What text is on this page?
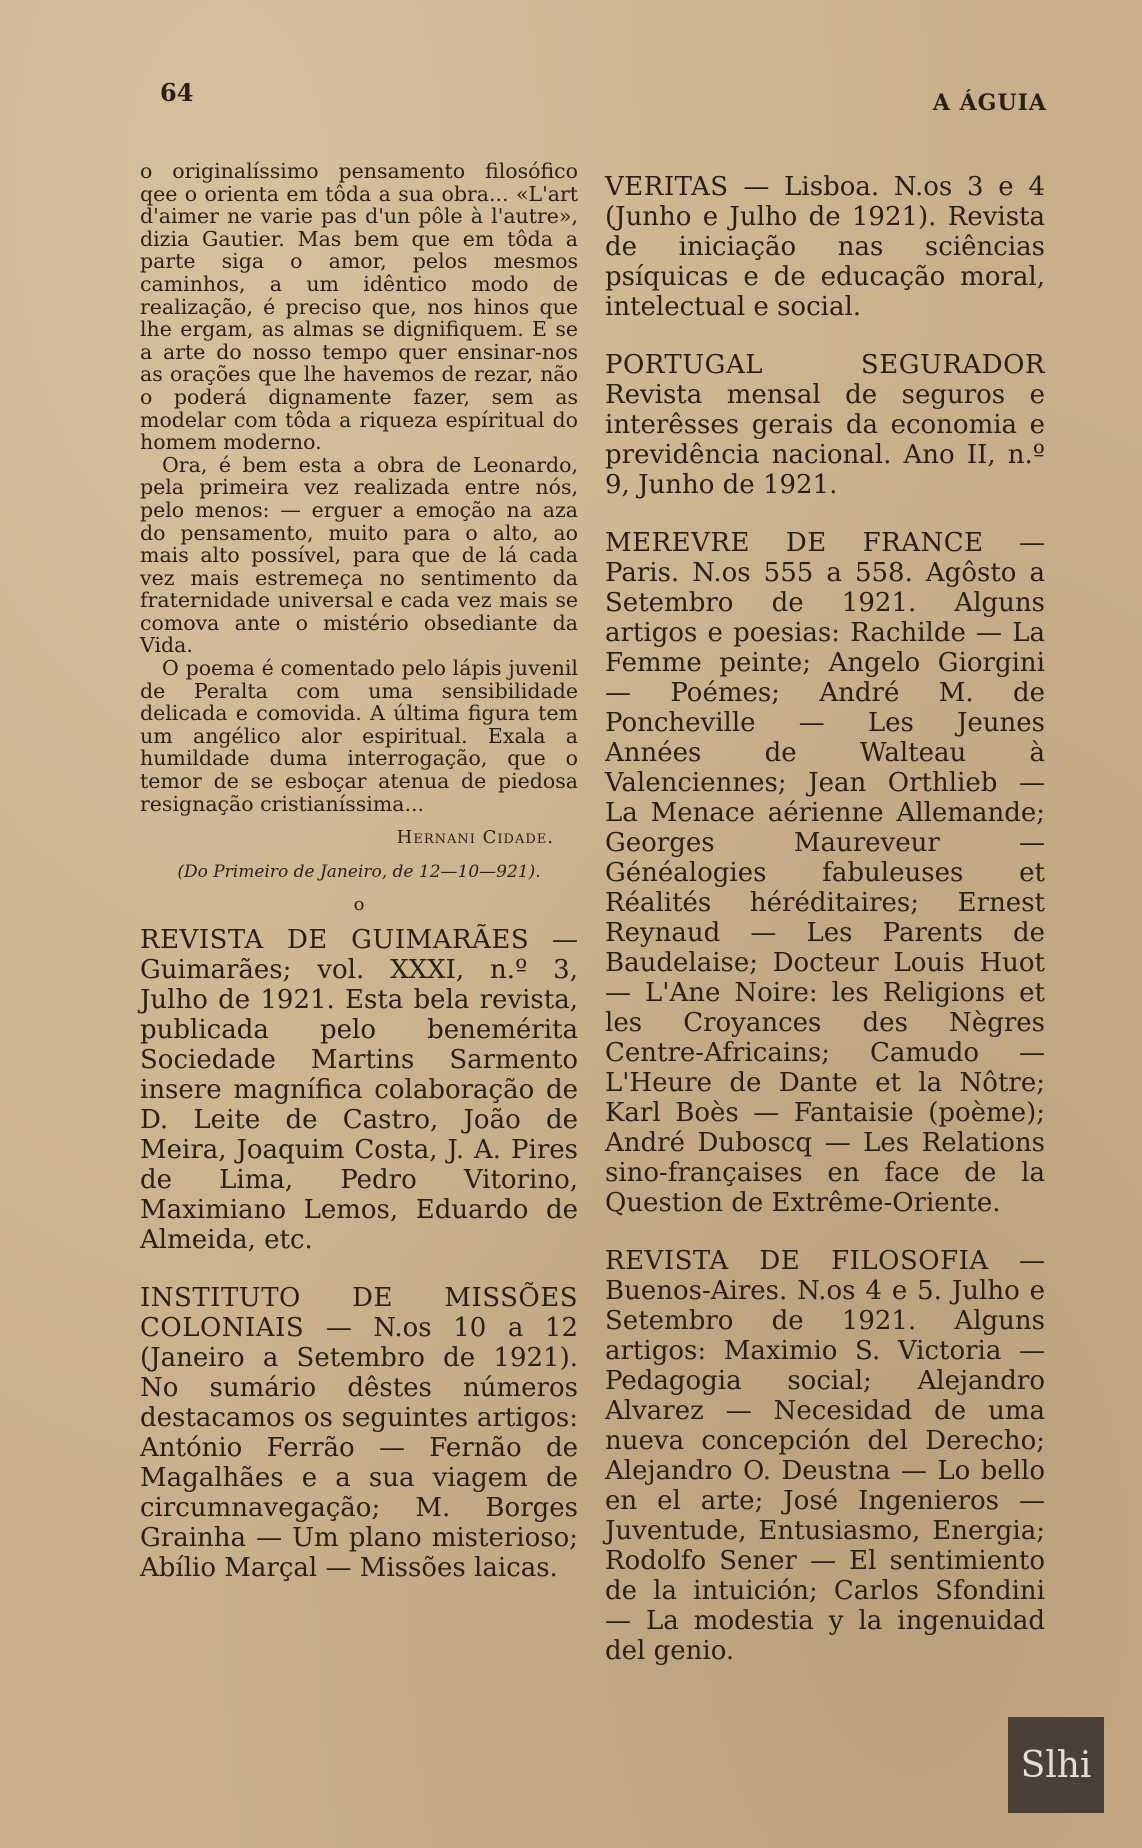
64	A ÁGUIA

o originalíssimo pensamento filosófico qee o orienta em tôda a sua obra... «L'art d'aimer ne varie pas d'un pôle à l'autre», dizia Gautier. Mas bem que em tôda a parte siga o amor, pelos mesmos caminhos, a um idêntico modo de realização, é preciso que, nos hinos que lhe ergam, as almas se dignifiquem. E se a arte do nosso tempo quer ensinar-nos as orações que lhe havemos de rezar, não o poderá dignamente fazer, sem as modelar com tôda a riqueza espíritual do homem moderno.

Ora, é bem esta a obra de Leonardo, pela primeira vez realizada entre nós, pelo menos: — erguer a emoção na aza do pensamento, muito para o alto, ao mais alto possível, para que de lá cada vez mais estremeça no sentimento da fraternidade universal e cada vez mais se comova ante o mistério obsediante da Vida.

O poema é comentado pelo lápis juvenil de Peralta com uma sensibilidade delicada e comovida. A última figura tem um angélico alor espiritual. Exala a humildade duma interrogação, que o temor de se esboçar atenua de piedosa resignação cristianíssima...

Hernani Cidade.
(Do Primeiro de Janeiro, de 12—10—921).
o

REVISTA DE GUIMARÃES — Guimarães; vol. XXXI, n.º 3, Julho de 1921. Esta bela revista, publicada pelo benemérita Sociedade Martins Sarmento insere magnífica colaboração de D. Leite de Castro, João de Meira, Joaquim Costa, J. A. Pires de Lima, Pedro Vitorino, Maximiano Lemos, Eduardo de Almeida, etc.

INSTITUTO DE MISSÕES COLONIAIS — N.os 10 a 12 (Janeiro a Setembro de 1921). No sumário dêstes números destacamos os seguintes artigos: António Ferrão — Fernão de Magalhães e a sua viagem de circumnavegação; M. Borges Grainha — Um plano misterioso; Abílio Marçal — Missões laicas.

VERITAS — Lisboa. N.os 3 e 4 (Junho e Julho de 1921). Revista de iniciação nas sciências psíquicas e de educação moral, intelectual e social.

PORTUGAL SEGURADOR Revista mensal de seguros e interêsses gerais da economia e previdência nacional. Ano II, n.º 9, Junho de 1921.

MEREVRE DE FRANCE — Paris. N.os 555 a 558. Agôsto a Setembro de 1921. Alguns artigos e poesias: Rachilde — La Femme peinte; Angelo Giorgini — Poémes; André M. de Poncheville — Les Jeunes Années de Walteau à Valenciennes; Jean Orthlieb — La Menace aérienne Allemande; Georges Maureveur — Généalogies fabuleuses et Réalités héréditaires; Ernest Reynaud — Les Parents de Baudelaise; Docteur Louis Huot — L'Ane Noire: les Religions et les Croyances des Nègres Centre-Africains; Camudo — L'Heure de Dante et la Nôtre; Karl Boès — Fantaisie (poème); André Duboscq — Les Relations sino-françaises en face de la Question de Extrême-Oriente.

REVISTA DE FILOSOFIA — Buenos-Aires. N.os 4 e 5. Julho e Setembro de 1921. Alguns artigos: Maximio S. Victoria — Pedagogia social; Alejandro Alvarez — Necesidad de uma nueva concepción del Derecho; Alejandro O. Deustna — Lo bello en el arte; José Ingenieros — Juventude, Entusiasmo, Energia; Rodolfo Sener — El sentimiento de la intuición; Carlos Sfondini — La modestia y la ingenuidad del genio.

Slhi
